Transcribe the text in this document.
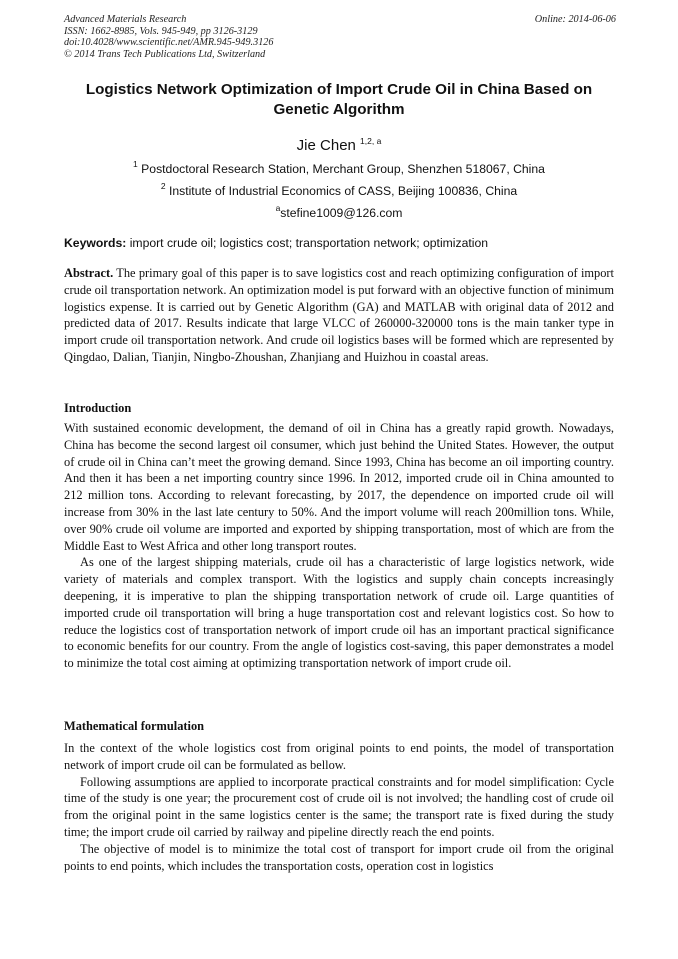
Advanced Materials Research
ISSN: 1662-8985, Vols. 945-949, pp 3126-3129
doi:10.4028/www.scientific.net/AMR.945-949.3126
© 2014 Trans Tech Publications Ltd, Switzerland
Online: 2014-06-06
Logistics Network Optimization of Import Crude Oil in China Based on Genetic Algorithm
Jie Chen $^{1,2, a}$
$^1$ Postdoctoral Research Station, Merchant Group, Shenzhen 518067, China
$^2$ Institute of Industrial Economics of CASS, Beijing 100836, China
$^a$stefine1009@126.com
Keywords: import crude oil; logistics cost; transportation network; optimization

Abstract. The primary goal of this paper is to save logistics cost and reach optimizing configuration of import crude oil transportation network. An optimization model is put forward with an objective function of minimum logistics expense. It is carried out by Genetic Algorithm (GA) and MATLAB with original data of 2012 and predicted data of 2017. Results indicate that large VLCC of 260000-320000 tons is the main tanker type in import crude oil transportation network. And crude oil logistics bases will be formed which are represented by Qingdao, Dalian, Tianjin, Ningbo-Zhoushan, Zhanjiang and Huizhou in coastal areas.

Introduction

With sustained economic development, the demand of oil in China has a greatly rapid growth. Nowadays, China has become the second largest oil consumer, which just behind the United States. However, the output of crude oil in China can’t meet the growing demand. Since 1993, China has become an oil importing country. And then it has been a net importing country since 1996. In 2012, imported crude oil in China amounted to 212 million tons. According to relevant forecasting, by 2017, the dependence on imported crude oil will increase from 30% in the last late century to 50%. And the import volume will reach 200million tons. While, over 90% crude oil volume are imported and exported by shipping transportation, most of which are from the Middle East to West Africa and other long transport routes.

As one of the largest shipping materials, crude oil has a characteristic of large logistics network, wide variety of materials and complex transport. With the logistics and supply chain concepts increasingly deepening, it is imperative to plan the shipping transportation network of crude oil. Large quantities of imported crude oil transportation will bring a huge transportation cost and relevant logistics cost. So how to reduce the logistics cost of transportation network of import crude oil has an important practical significance to economic benefits for our country. From the angle of logistics cost-saving, this paper demonstrates a model to minimize the total cost aiming at optimizing transportation network of import crude oil.

Mathematical formulation

In the context of the whole logistics cost from original points to end points, the model of transportation network of import crude oil can be formulated as bellow.

Following assumptions are applied to incorporate practical constraints and for model simplification: Cycle time of the study is one year; the procurement cost of crude oil is not involved; the handling cost of crude oil from the original point in the same logistics center is the same; the transport rate is fixed during the study time; the import crude oil carried by railway and pipeline directly reach the end points.

The objective of model is to minimize the total cost of transport for import crude oil from the original points to end points, which includes the transportation costs, operation cost in logistics
